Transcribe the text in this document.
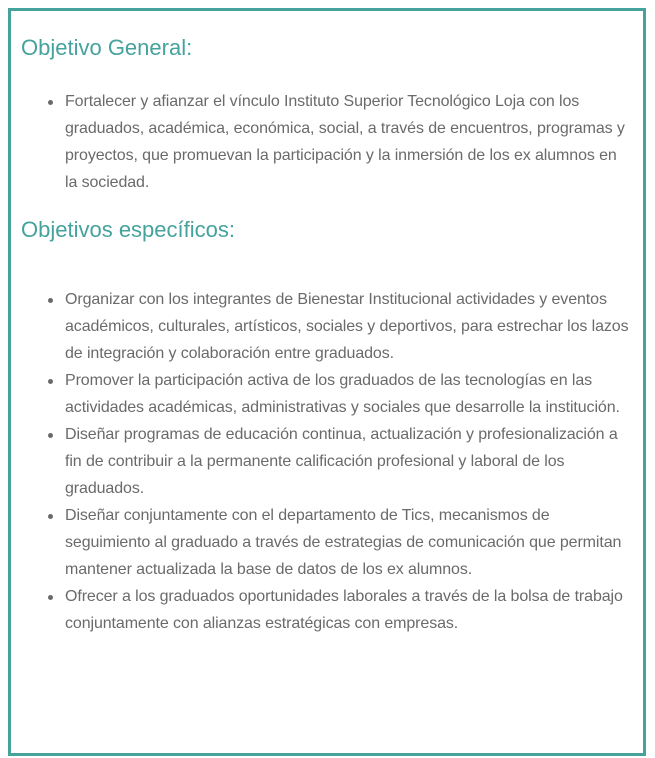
Objetivo General:
Fortalecer y afianzar el vínculo Instituto Superior Tecnológico Loja con los graduados, académica, económica, social, a través de encuentros, programas y proyectos, que promuevan la participación y la inmersión de los ex alumnos en la sociedad.
Objetivos específicos:
Organizar con los integrantes de Bienestar Institucional actividades y eventos académicos, culturales, artísticos, sociales y deportivos, para estrechar los lazos de integración y colaboración entre graduados.
Promover la participación activa de los graduados de las tecnologías en las actividades académicas, administrativas y sociales que desarrolle la institución.
Diseñar programas de educación continua, actualización y profesionalización a fin de contribuir a la permanente calificación profesional y laboral de los graduados.
Diseñar conjuntamente con el departamento de Tics, mecanismos de seguimiento al graduado a través de estrategias de comunicación que permitan mantener actualizada la base de datos de los ex alumnos.
Ofrecer a los graduados oportunidades laborales a través de la bolsa de trabajo conjuntamente con alianzas estratégicas con empresas.
